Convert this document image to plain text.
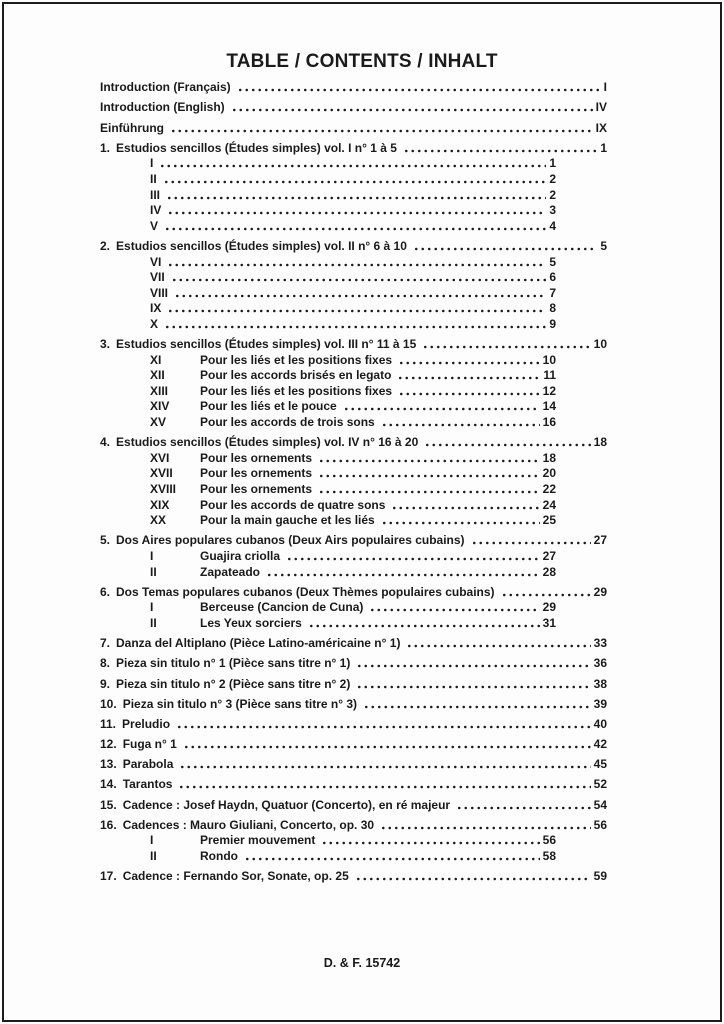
TABLE / CONTENTS / INHALT
Introduction (Français)	I
Introduction (English)	IV
Einführung	IX
1. Estudios sencillos (Études simples) vol. I n° 1 à 5	1
I	1
II	2
III	2
IV	3
V	4
2. Estudios sencillos (Études simples) vol. II n° 6 à 10	5
VI	5
VII	6
VIII	7
IX	8
X	9
3. Estudios sencillos (Études simples) vol. III n° 11 à 15	10
XI	Pour les liés et les positions fixes	10
XII	Pour les accords brisés en legato	11
XIII	Pour les liés et les positions fixes	12
XIV	Pour les liés et le pouce	14
XV	Pour les accords de trois sons	16
4. Estudios sencillos (Études simples) vol. IV n° 16 à 20	18
XVI	Pour les ornements	18
XVII	Pour les ornements	20
XVIII	Pour les ornements	22
XIX	Pour les accords de quatre sons	24
XX	Pour la main gauche et les liés	25
5. Dos Aires populares cubanos (Deux Airs populaires cubains)	27
I	Guajira criolla	27
II	Zapateado	28
6. Dos Temas populares cubanos (Deux Thèmes populaires cubains)	29
I	Berceuse (Cancion de Cuna)	29
II	Les Yeux sorciers	31
7. Danza del Altiplano (Pièce Latino-américaine n° 1)	33
8. Pieza sin titulo n° 1 (Pièce sans titre n° 1)	36
9. Pieza sin titulo n° 2 (Pièce sans titre n° 2)	38
10. Pieza sin titulo n° 3 (Pièce sans titre n° 3)	39
11. Preludio	40
12. Fuga n° 1	42
13. Parabola	45
14. Tarantos	52
15. Cadence : Josef Haydn, Quatuor (Concerto), en ré majeur	54
16. Cadences : Mauro Giuliani, Concerto, op. 30	56
I	Premier mouvement	56
II	Rondo	58
17. Cadence : Fernando Sor, Sonate, op. 25	59
D. & F. 15742
